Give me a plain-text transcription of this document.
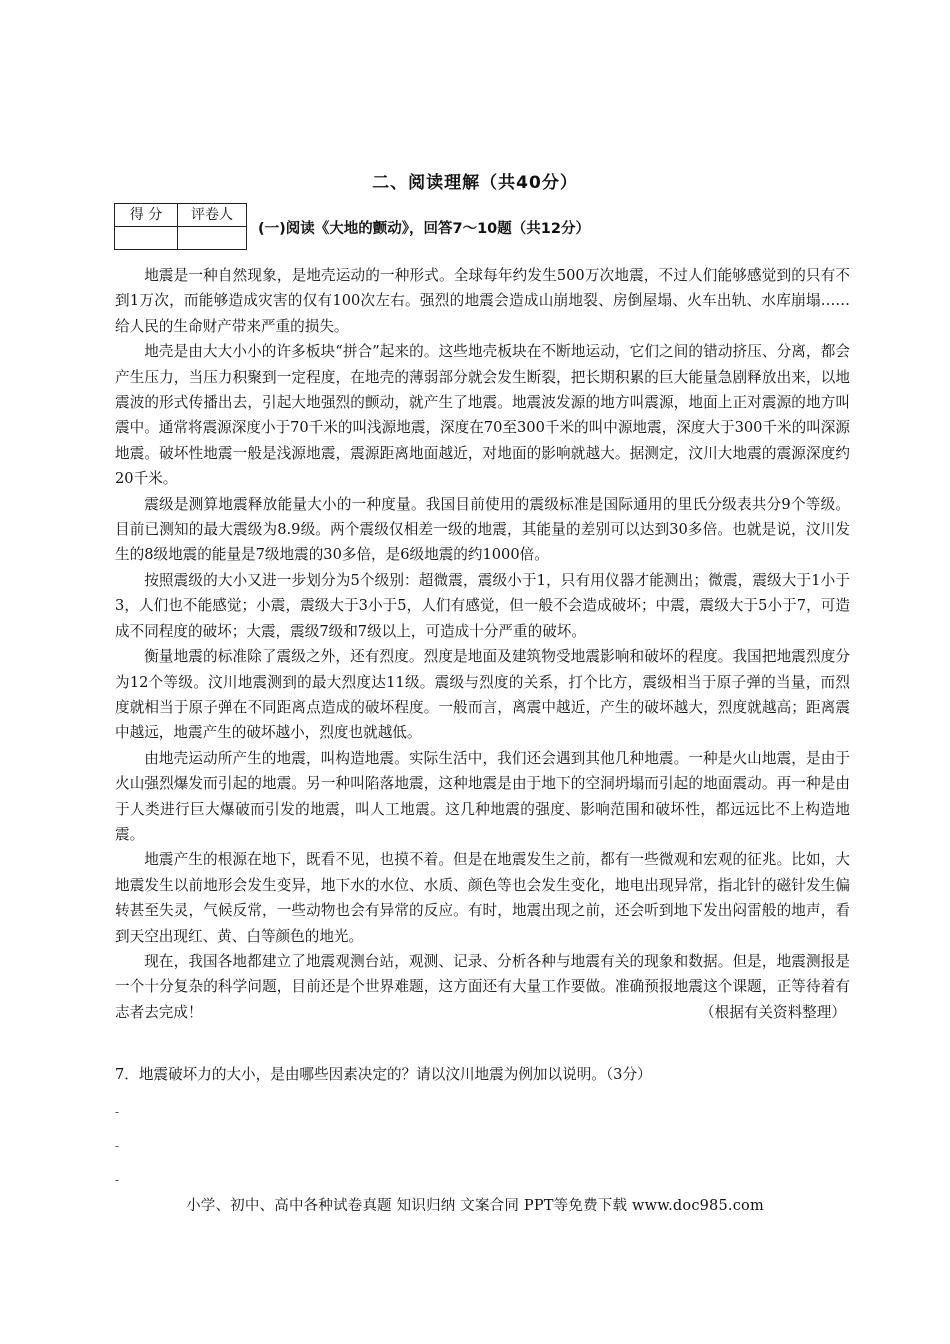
二、阅读理解（共40分）
得 分	评卷人

(一)阅读《大地的颤动》，回答7～10题（共12分）

地震是一种自然现象，是地壳运动的一种形式。全球每年约发生500万次地震，不过人们能够感觉到的只有不到1万次，而能够造成灾害的仅有100次左右。强烈的地震会造成山崩地裂、房倒屋塌、火车出轨、水库崩塌……给人民的生命财产带来严重的损失。

地壳是由大大小小的许多板块“拼合”起来的。这些地壳板块在不断地运动，它们之间的错动挤压、分离，都会产生压力，当压力积聚到一定程度，在地壳的薄弱部分就会发生断裂，把长期积累的巨大能量急剧释放出来，以地震波的形式传播出去，引起大地强烈的颤动，就产生了地震。地震波发源的地方叫震源，地面上正对震源的地方叫震中。通常将震源深度小于70千米的叫浅源地震，深度在70至300千米的叫中源地震，深度大于300千米的叫深源地震。破坏性地震一般是浅源地震，震源距离地面越近，对地面的影响就越大。据测定，汶川大地震的震源深度约20千米。

震级是测算地震释放能量大小的一种度量。我国目前使用的震级标准是国际通用的里氏分级表共分9个等级。目前已测知的最大震级为8.9级。两个震级仅相差一级的地震，其能量的差别可以达到30多倍。也就是说，汶川发生的8级地震的能量是7级地震的30多倍，是6级地震的约1000倍。

按照震级的大小又进一步划分为5个级别：超微震，震级小于1，只有用仪器才能测出；微震，震级大于1小于3，人们也不能感觉；小震，震级大于3小于5，人们有感觉，但一般不会造成破坏；中震，震级大于5小于7，可造成不同程度的破坏；大震，震级7级和7级以上，可造成十分严重的破坏。

衡量地震的标准除了震级之外，还有烈度。烈度是地面及建筑物受地震影响和破坏的程度。我国把地震烈度分为12个等级。汶川地震测到的最大烈度达11级。震级与烈度的关系，打个比方，震级相当于原子弹的当量，而烈度就相当于原子弹在不同距离点造成的破坏程度。一般而言，离震中越近，产生的破坏越大，烈度就越高；距离震中越远，地震产生的破坏越小，烈度也就越低。

由地壳运动所产生的地震，叫构造地震。实际生活中，我们还会遇到其他几种地震。一种是火山地震，是由于火山强烈爆发而引起的地震。另一种叫陷落地震，这种地震是由于地下的空洞坍塌而引起的地面震动。再一种是由于人类进行巨大爆破而引发的地震，叫人工地震。这几种地震的强度、影响范围和破坏性，都远远比不上构造地震。

地震产生的根源在地下，既看不见，也摸不着。但是在地震发生之前，都有一些微观和宏观的征兆。比如，大地震发生以前地形会发生变异，地下水的水位、水质、颜色等也会发生变化，地电出现异常，指北针的磁针发生偏转甚至失灵，气候反常，一些动物也会有异常的反应。有时，地震出现之前，还会听到地下发出闷雷般的地声，看到天空出现红、黄、白等颜色的地光。

现在，我国各地都建立了地震观测台站，观测、记录、分析各种与地震有关的现象和数据。但是，地震测报是一个十分复杂的科学问题，目前还是个世界难题，这方面还有大量工作要做。准确预报地震这个课题，正等待着有志者去完成！	（根据有关资料整理）

7．地震破坏力的大小，是由哪些因素决定的？请以汶川地震为例加以说明。（3分）
-
-
-
小学、初中、高中各种试卷真题 知识归纳 文案合同 PPT等免费下载 www.doc985.com
